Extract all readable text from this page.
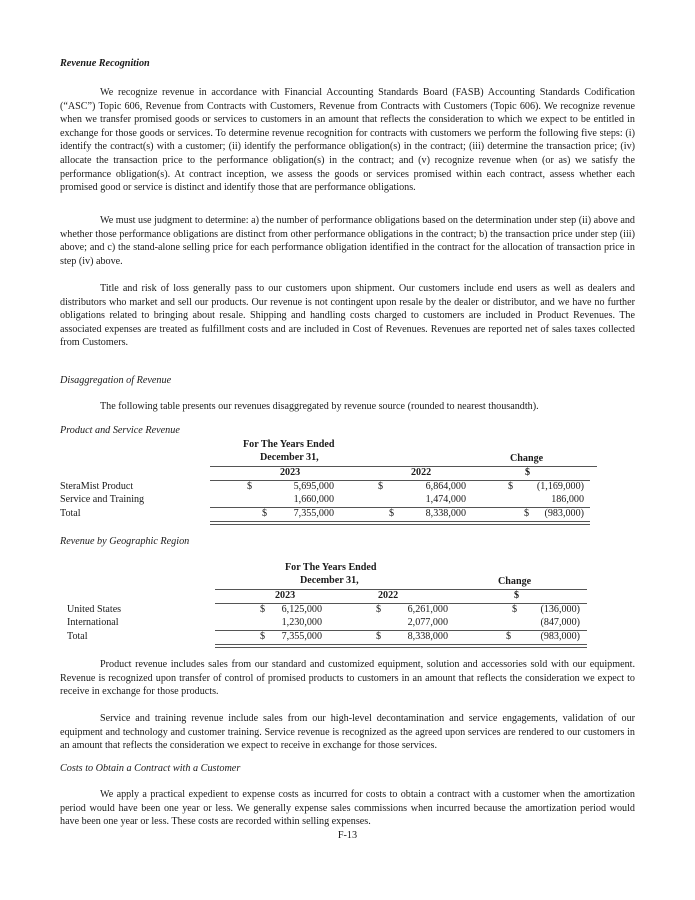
Revenue Recognition

We recognize revenue in accordance with Financial Accounting Standards Board (FASB) Accounting Standards Codification (“ASC”) Topic 606, Revenue from Contracts with Customers, Revenue from Contracts with Customers (Topic 606). We recognize revenue when we transfer promised goods or services to customers in an amount that reflects the consideration to which we expect to be entitled in exchange for those goods or services. To determine revenue recognition for contracts with customers we perform the following five steps: (i) identify the contract(s) with a customer; (ii) identify the performance obligation(s) in the contract; (iii) determine the transaction price; (iv) allocate the transaction price to the performance obligation(s) in the contract; and (v) recognize revenue when (or as) we satisfy the performance obligation(s). At contract inception, we assess the goods or services promised within each contract, assess whether each promised good or service is distinct and identify those that are performance obligations.

We must use judgment to determine: a) the number of performance obligations based on the determination under step (ii) above and whether those performance obligations are distinct from other performance obligations in the contract; b) the transaction price under step (iii) above; and c) the stand-alone selling price for each performance obligation identified in the contract for the allocation of transaction price in step (iv) above.

Title and risk of loss generally pass to our customers upon shipment. Our customers include end users as well as dealers and distributors who market and sell our products. Our revenue is not contingent upon resale by the dealer or distributor, and we have no further obligations related to bringing about resale. Shipping and handling costs charged to customers are included in Product Revenues. The associated expenses are treated as fulfillment costs and are included in Cost of Revenues. Revenues are reported net of sales taxes collected from Customers.

Disaggregation of Revenue

The following table presents our revenues disaggregated by revenue source (rounded to nearest thousandth).

Product and Service Revenue
For The Years Ended
December 31,	Change
2023	2022	$
SteraMist Product	$	5,695,000	$	6,864,000	$	(1,169,000)
Service and Training	1,660,000	1,474,000	186,000
Total	$	7,355,000	$	8,338,000	$	(983,000)
Revenue by Geographic Region
For The Years Ended
December 31,	Change
2023	2022	$
United States	$	6,125,000	$	6,261,000	$	(136,000)
International	1,230,000	2,077,000	(847,000)
Total	$	7,355,000	$	8,338,000	$	(983,000)

Product revenue includes sales from our standard and customized equipment, solution and accessories sold with our equipment. Revenue is recognized upon transfer of control of promised products to customers in an amount that reflects the consideration we expect to receive in exchange for those products.

Service and training revenue include sales from our high-level decontamination and service engagements, validation of our equipment and technology and customer training. Service revenue is recognized as the agreed upon services are rendered to our customers in an amount that reflects the consideration we expect to receive in exchange for those services.

Costs to Obtain a Contract with a Customer

We apply a practical expedient to expense costs as incurred for costs to obtain a contract with a customer when the amortization period would have been one year or less. We generally expense sales commissions when incurred because the amortization period would have been one year or less. These costs are recorded within selling expenses.

F-13
